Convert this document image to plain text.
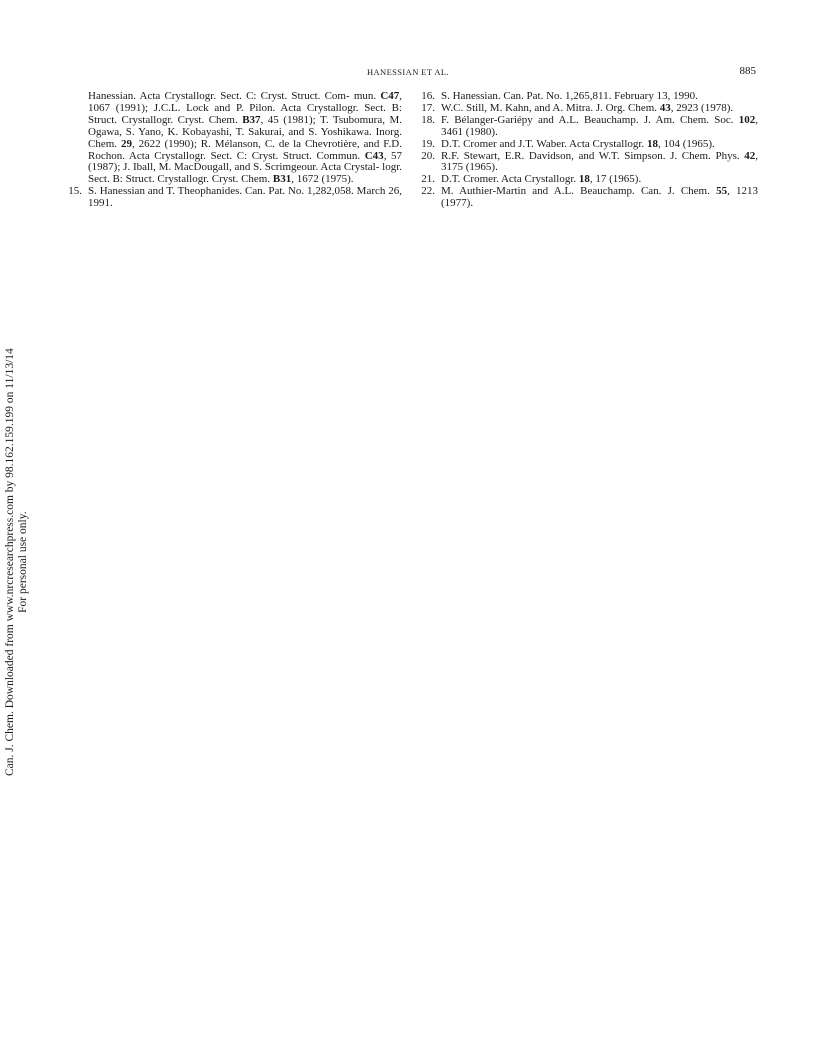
HANESSIAN ET AL.	885

Hanessian. Acta Crystallogr. Sect. C: Cryst. Struct. Com- mun. C47, 1067 (1991); J.C.L. Lock and P. Pilon. Acta Crystallogr. Sect. B: Struct. Crystallogr. Cryst. Chem. B37, 45 (1981); T. Tsubomura, M. Ogawa, S. Yano, K. Kobayashi, T. Sakurai, and S. Yoshikawa. Inorg. Chem. 29, 2622 (1990); R. Mélanson, C. de la Chevrotière, and F.D. Rochon. Acta Crystallogr. Sect. C: Cryst. Struct. Commun. C43, 57 (1987); J. Iball, M. MacDougall, and S. Scrimgeour. Acta Crystal- logr. Sect. B: Struct. Crystallogr. Cryst. Chem. B31, 1672 (1975).

15. S. Hanessian and T. Theophanides. Can. Pat. No. 1,282,058. March 26, 1991.

16. S. Hanessian. Can. Pat. No. 1,265,811. February 13, 1990.

17. W.C. Still, M. Kahn, and A. Mitra. J. Org. Chem. 43, 2923 (1978).

18. F. Bélanger-Gariépy and A.L. Beauchamp. J. Am. Chem. Soc. 102, 3461 (1980).

19. D.T. Cromer and J.T. Waber. Acta Crystallogr. 18, 104 (1965).

20. R.F. Stewart, E.R. Davidson, and W.T. Simpson. J. Chem. Phys. 42, 3175 (1965).

21. D.T. Cromer. Acta Crystallogr. 18, 17 (1965).

22. M. Authier-Martin and A.L. Beauchamp. Can. J. Chem. 55, 1213 (1977).

Can. J. Chem. Downloaded from www.nrcresearchpress.com by 98.162.159.199 on 11/13/14 For personal use only.
